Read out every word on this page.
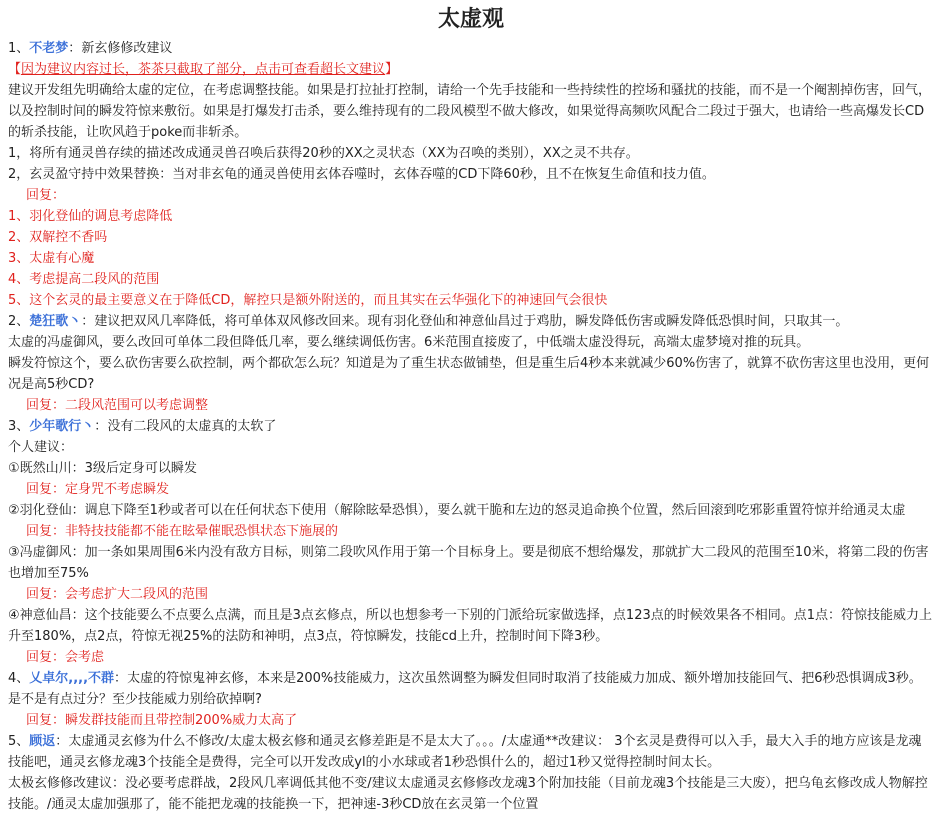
太虚观

1、不老梦：新玄修修改建议

【因为建议内容过长，茶茶只截取了部分，点击可查看超长文建议】

建议开发组先明确给太虚的定位，在考虑调整技能。如果是打拉扯打控制，请给一个先手技能和一些持续性的控场和骚扰的技能，而不是一个阉割掉伤害，回气，以及控制时间的瞬发符惊来敷衍。如果是打爆发打击杀，要么维持现有的二段风模型不做大修改，如果觉得高频吹风配合二段过于强大，也请给一些高爆发长CD的斩杀技能，让吹风趋于poke而非斩杀。

1，将所有通灵兽存续的描述改成通灵兽召唤后获得20秒的XX之灵状态（XX为召唤的类别），XX之灵不共存。

2，玄灵盈守持中效果替换：当对非玄龟的通灵兽使用玄体吞噬时，玄体吞噬的CD下降60秒，且不在恢复生命值和技力值。

回复：

1、羽化登仙的调息考虑降低

2、双解控不香吗

3、太虚有心魔

4、考虑提高二段风的范围

5、这个玄灵的最主要意义在于降低CD，解控只是额外附送的，而且其实在云华强化下的神速回气会很快

2、楚狂歌丶：建议把双风几率降低，将可单体双风修改回来。现有羽化登仙和神意仙昌过于鸡肋，瞬发降低伤害或瞬发降低恐惧时间，只取其一。

太虚的冯虚御风，要么改回可单体二段但降低几率，要么继续调低伤害。6米范围直接废了，中低端太虚没得玩，高端太虚梦境对推的玩具。

瞬发符惊这个，要么砍伤害要么砍控制，两个都砍怎么玩？知道是为了重生状态做铺垫，但是重生后4秒本来就减少60%伤害了，就算不砍伤害这里也没用，更何况是高5秒CD?

回复：二段风范围可以考虑调整

3、少年歌行丶：没有二段风的太虚真的太软了

个人建议：

①既然山川：3级后定身可以瞬发

回复：定身咒不考虑瞬发

②羽化登仙：调息下降至1秒或者可以在任何状态下使用（解除眩晕恐惧），要么就干脆和左边的怒灵追命换个位置，然后回滚到吃邪影重置符惊并给通灵太虚

回复：非特技技能都不能在眩晕催眠恐惧状态下施展的

③冯虚御风：加一条如果周围6米内没有敌方目标，则第二段吹风作用于第一个目标身上。要是彻底不想给爆发，那就扩大二段风的范围至10米，将第二段的伤害也增加至75%

回复：会考虑扩大二段风的范围

④神意仙昌：这个技能要么不点要么点满，而且是3点玄修点，所以也想参考一下别的门派给玩家做选择，点123点的时候效果各不相同。点1点：符惊技能威力上升至180%，点2点，符惊无视25%的法防和神明，点3点，符惊瞬发，技能cd上升，控制时间下降3秒。

回复：会考虑

4、乂卓尔,,,,不群：太虚的符惊鬼神玄修，本来是200%技能威力，这次虽然调整为瞬发但同时取消了技能威力加成、额外增加技能回气、把6秒恐惧调成3秒。是不是有点过分？至少技能威力别给砍掉啊?

回复：瞬发群技能而且带控制200%威力太高了

5、顾返：太虚通灵玄修为什么不修改/太虚太极玄修和通灵玄修差距是不是太大了。。。/太虚通**改建议： 3个玄灵是费得可以入手，最大入手的地方应该是龙魂技能吧，通灵玄修龙魂3个技能全是费得，完全可以开发改成yl的小水球或者1秒恐惧什么的，超过1秒又觉得控制时间太长。

太极玄修修改建议：没必要考虑群战，2段风几率调低其他不变/建议太虚通灵玄修修改龙魂3个附加技能（目前龙魂3个技能是三大废），把乌龟玄修改成人物解控技能。/通灵太虚加强那了，能不能把龙魂的技能换一下，把神速-3秒CD放在玄灵第一个位置
